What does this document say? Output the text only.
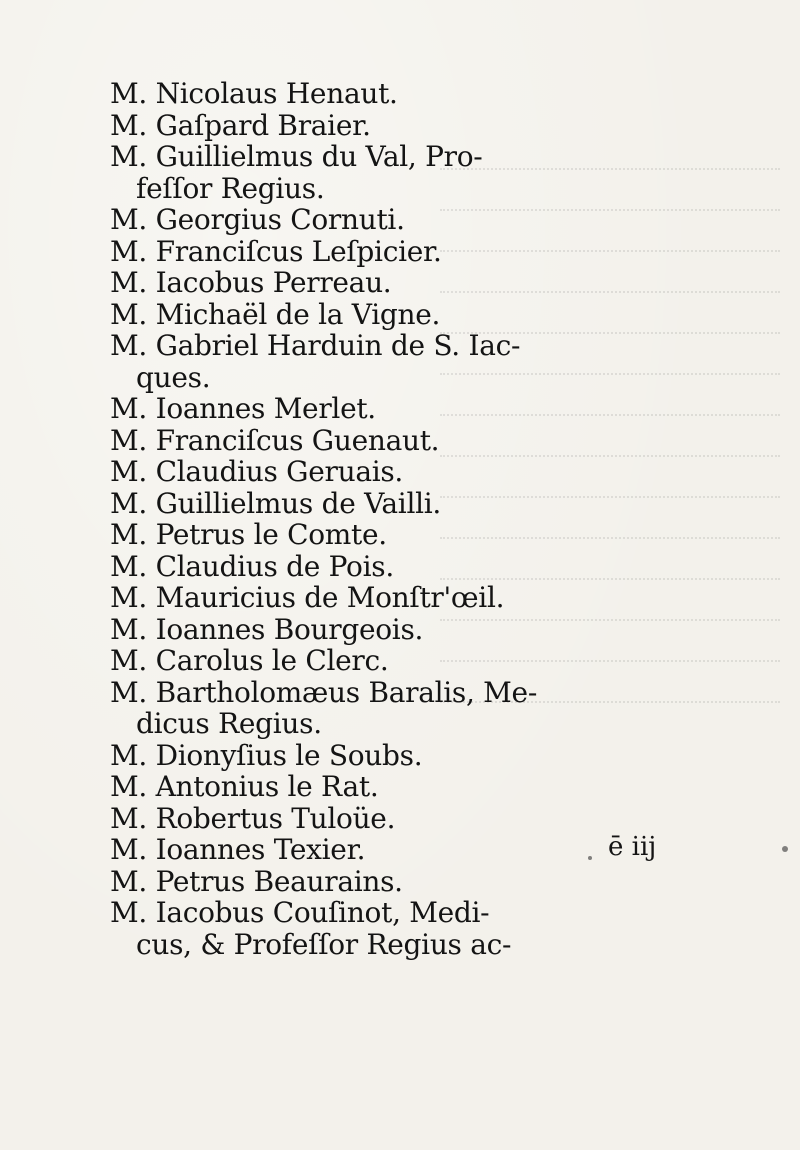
M. Nicolaus Henaut.
M. Gaſpard Braier.
M. Guillielmus du Val, Pro-
feſſor Regius.
M. Georgius Cornuti.
M. Franciſcus Leſpicier.
M. Iacobus Perreau.
M. Michaël de la Vigne.
M. Gabriel Harduin de S. Iac-
ques.
M. Ioannes Merlet.
M. Franciſcus Guenaut.
M. Claudius Geruais.
M. Guillielmus de Vailli.
M. Petrus le Comte.
M. Claudius de Pois.
M. Mauricius de Monſtr'œil.
M. Ioannes Bourgeois.
M. Carolus le Clerc.
M. Bartholomæus Baralis, Me-
dicus Regius.
M. Dionyſius le Soubs.
M. Antonius le Rat.
M. Robertus Tuloüe.
M. Ioannes Texier.
M. Petrus Beaurains.
M. Iacobus Couſinot, Medi-
cus, & Profeſſor Regius ac-
ē iij
